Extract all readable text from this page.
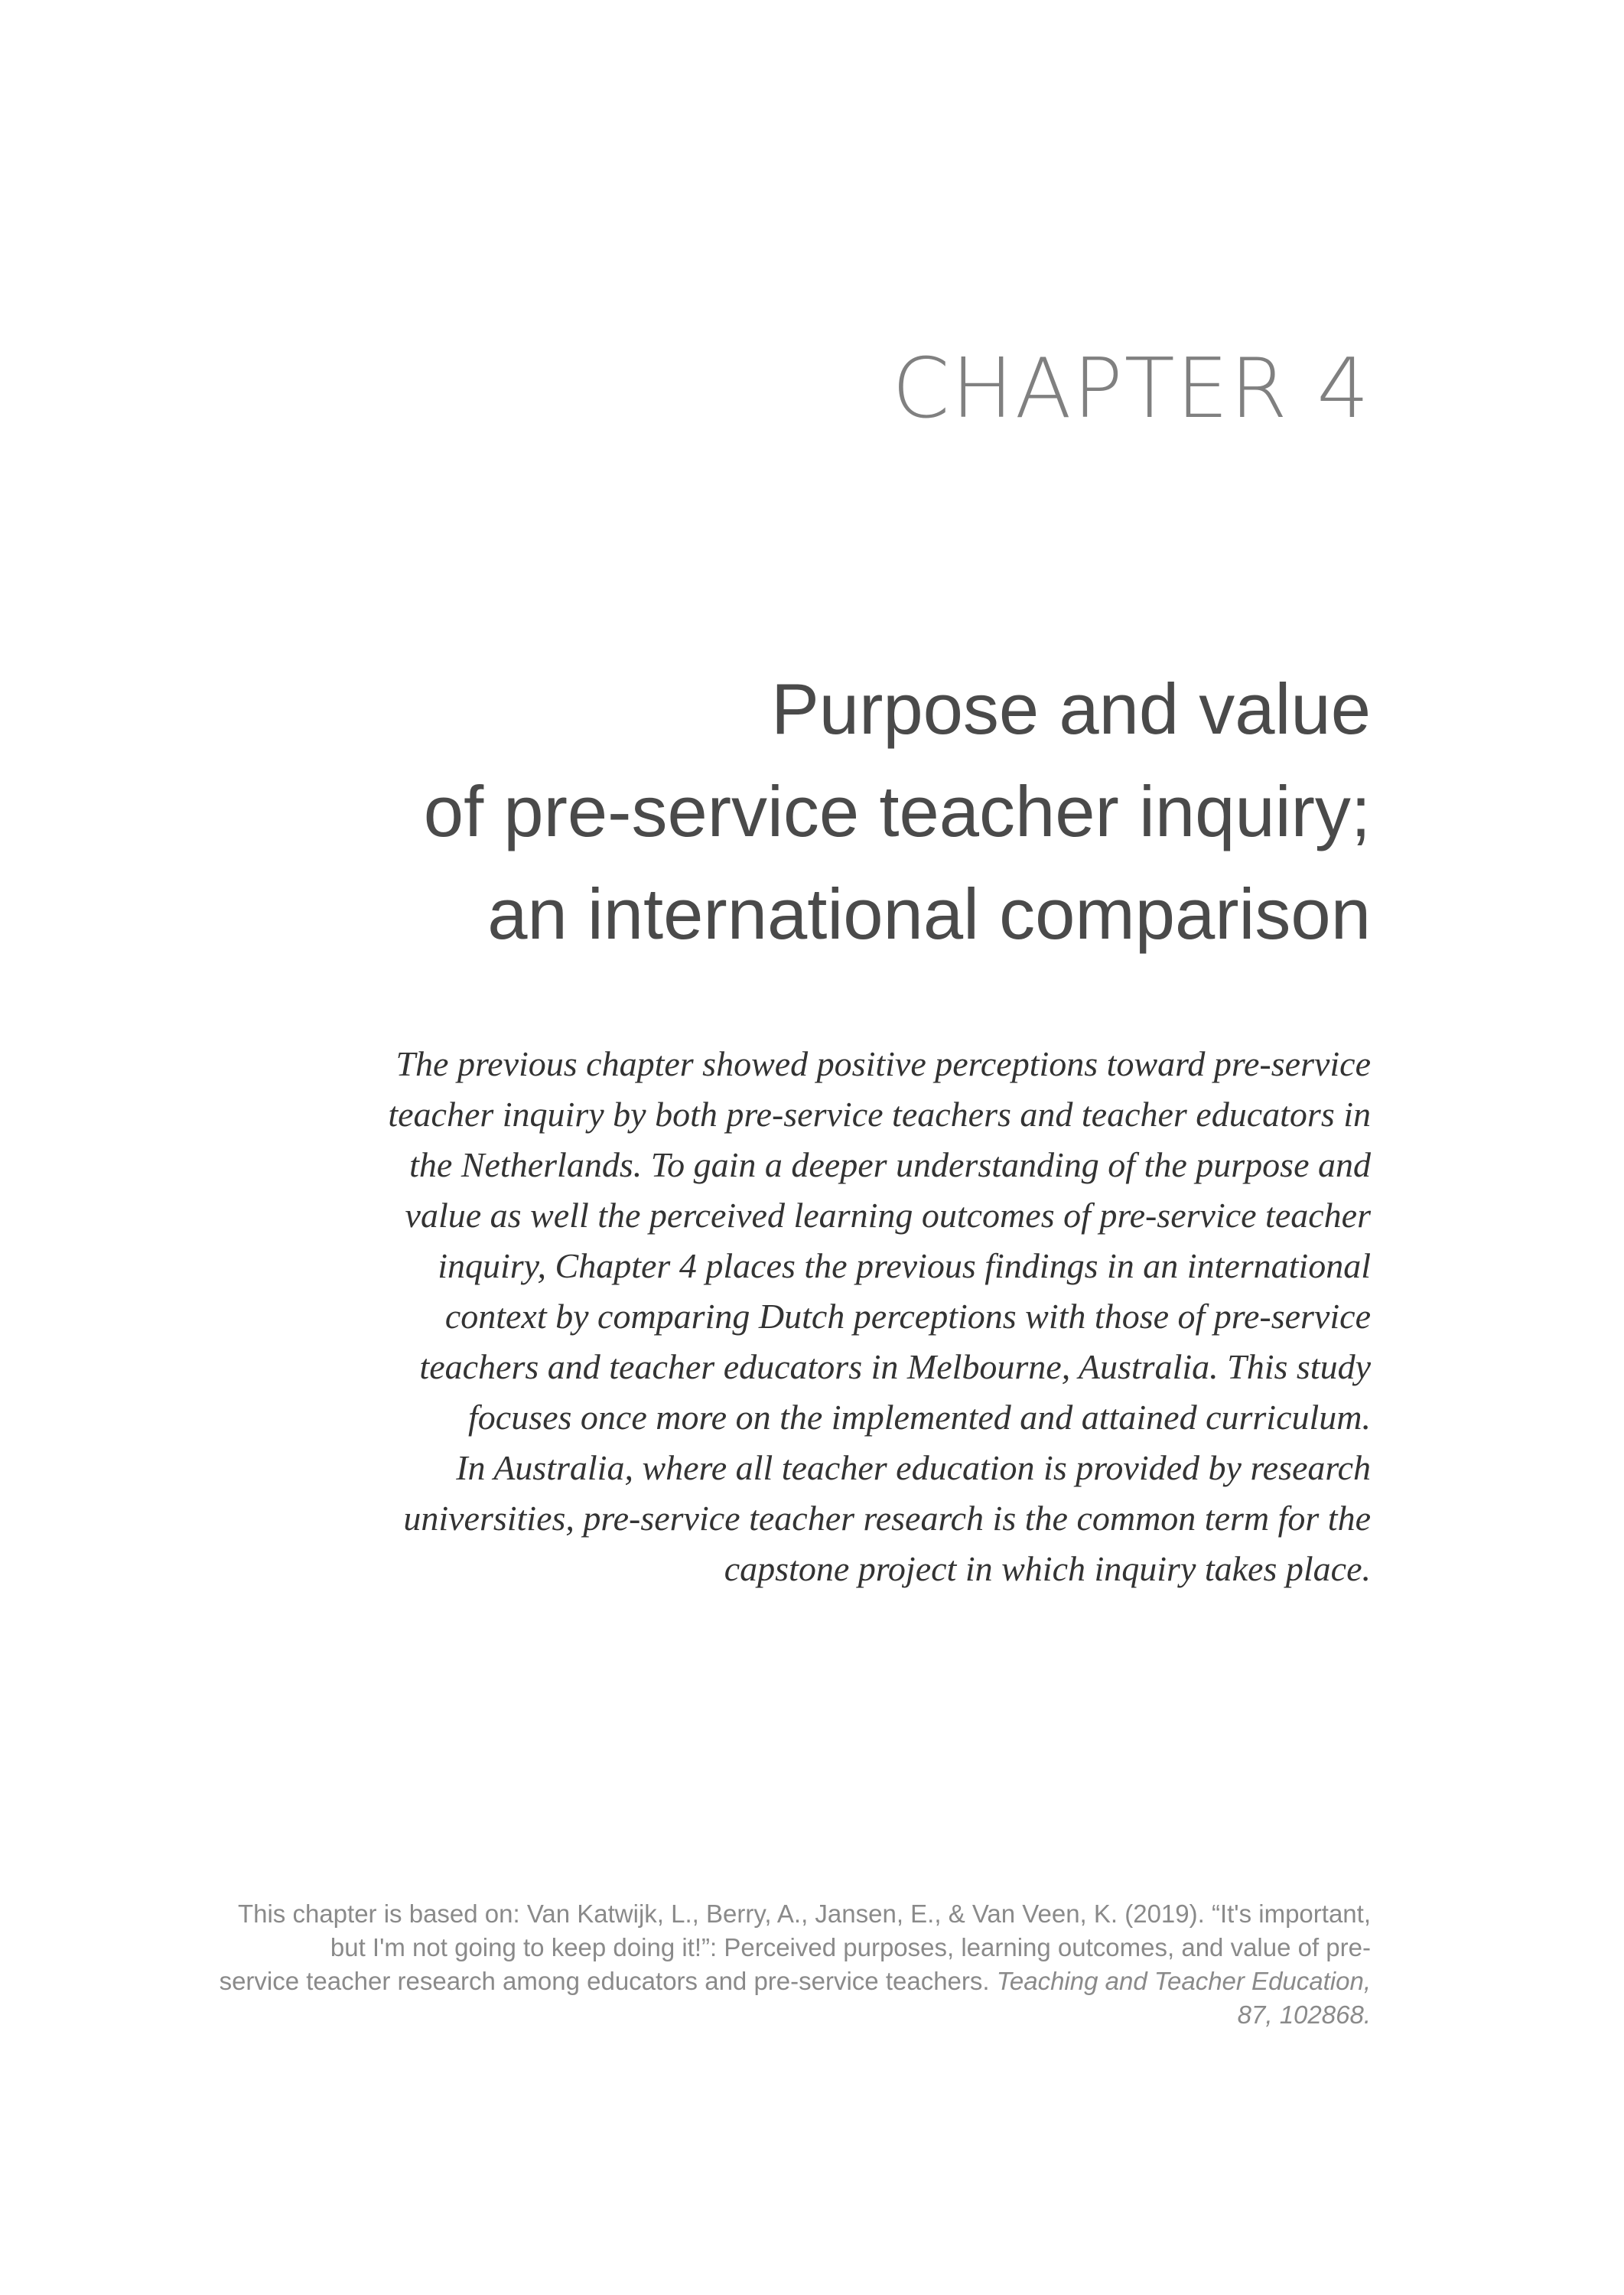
CHAPTER 4
Purpose and value
of pre-service teacher inquiry;
an international comparison
The previous chapter showed positive perceptions toward pre-service
teacher inquiry by both pre-service teachers and teacher educators in
the Netherlands. To gain a deeper understanding of the purpose and
value as well the perceived learning outcomes of pre-service teacher
inquiry, Chapter 4 places the previous findings in an international
context by comparing Dutch perceptions with those of pre-service
teachers and teacher educators in Melbourne, Australia. This study
focuses once more on the implemented and attained curriculum.
In Australia, where all teacher education is provided by research
universities, pre-service teacher research is the common term for the
capstone project in which inquiry takes place.
This chapter is based on: Van Katwijk, L., Berry, A., Jansen, E., & Van Veen, K. (2019). “It's important,
but I'm not going to keep doing it!”: Perceived purposes, learning outcomes, and value of pre-
service teacher research among educators and pre-service teachers. Teaching and Teacher Education,
87, 102868.
